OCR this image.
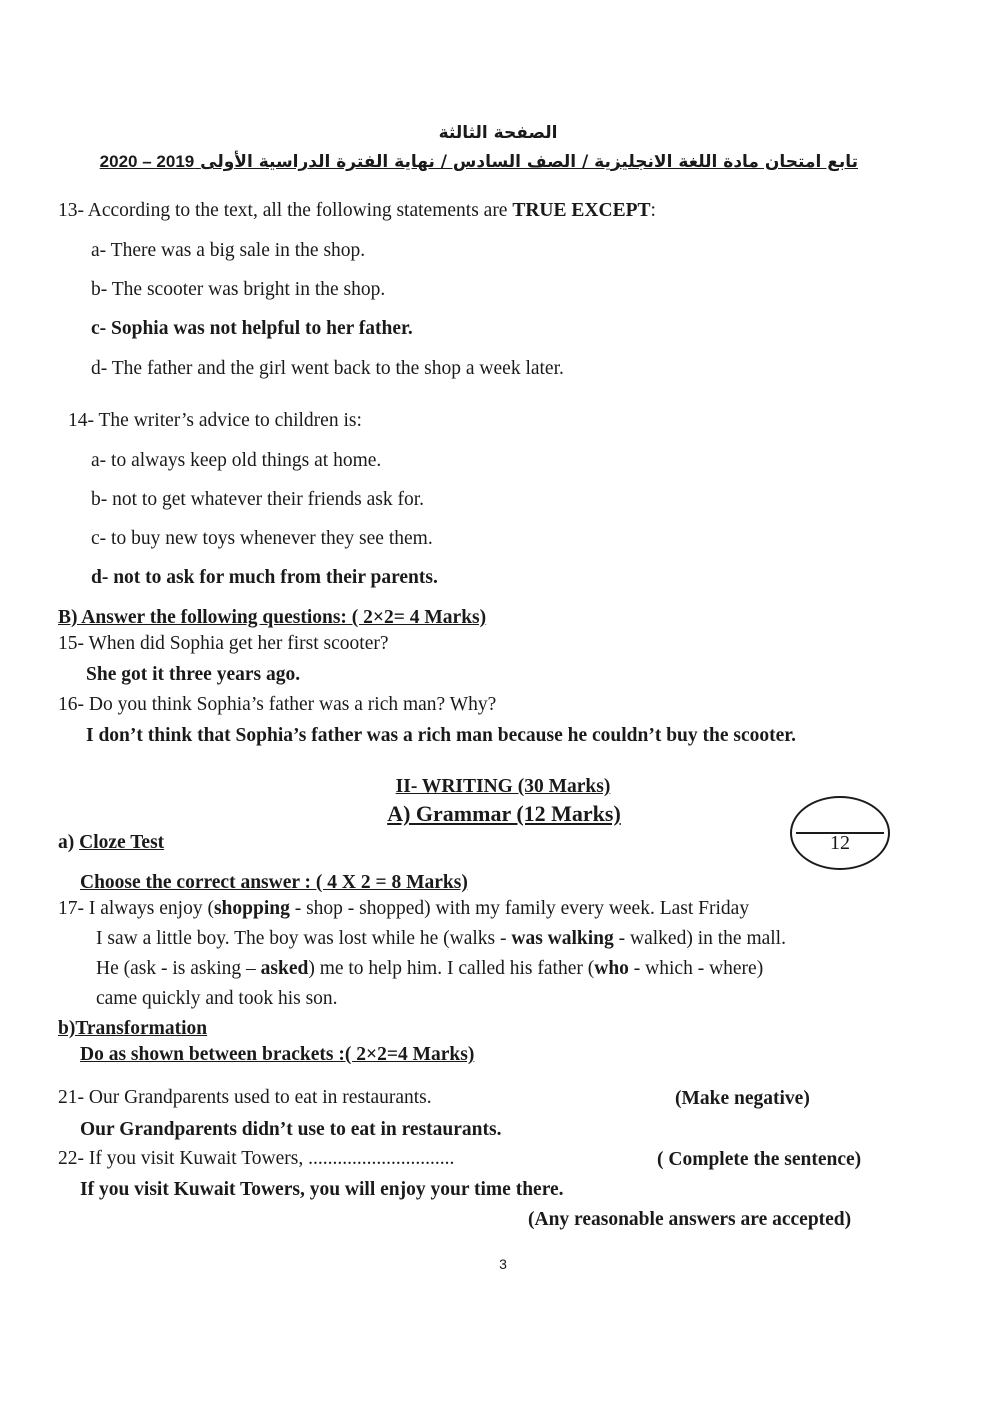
الصفحة الثالثة
تابع امتحان مادة اللغة الانجليزية / الصف السادس / نهاية الفترة الدراسية الأولى 2019 – 2020
13- According to the text, all the following statements are TRUE EXCEPT:
a- There was a big sale in the shop.
b- The scooter was bright in the shop.
c- Sophia was not helpful to her father.
d- The father and the girl went back to the shop a week later.
14- The writer’s advice to children is:
a- to always keep old things at home.
b- not to get whatever their friends ask for.
c- to buy new toys whenever they see them.
d- not to ask for much from their parents.
B) Answer the following questions: ( 2×2= 4 Marks)
15- When did Sophia get her first scooter?
She got it three years ago.
16- Do you think Sophia’s father was a rich man? Why?
I don’t think that Sophia’s father was a rich man because he couldn’t buy the scooter.
II- WRITING (30 Marks)
A) Grammar (12 Marks)
12
a) Cloze Test
Choose the correct answer : ( 4 X 2 = 8 Marks)
17- I always enjoy (shopping - shop - shopped) with my family every week. Last Friday
I saw a little boy. The boy was lost while he (walks - was walking - walked) in the mall.
He (ask - is asking – asked) me to help him. I called his father (who - which - where)
came quickly and took his son.
b)Transformation
Do as shown between brackets :( 2×2=4 Marks)
21- Our Grandparents used to eat in restaurants.	(Make negative)
Our Grandparents didn’t use to eat in restaurants.
22- If you visit Kuwait Towers, ..............................	( Complete the sentence)
If you visit Kuwait Towers, you will enjoy your time there.
(Any reasonable answers are accepted)
3
